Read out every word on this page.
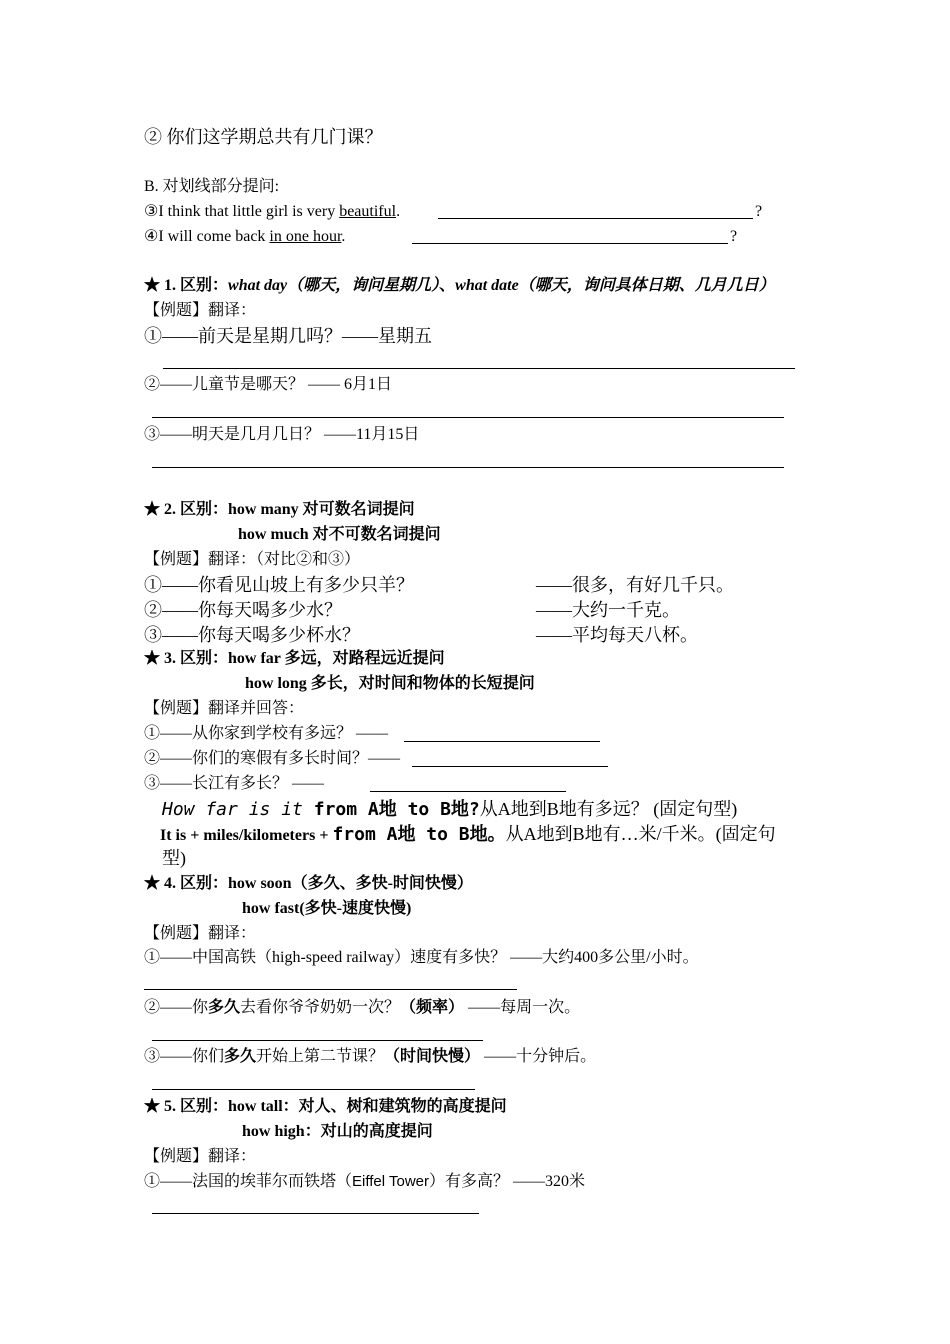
② 你们这学期总共有几门课？
B. 对划线部分提问:
③I think that little girl is very beautiful.	?
④I will come back in one hour.	?
★ 1. 区别：what day（哪天，询问星期几）、what date（哪天，询问具体日期、几月几日）
【例题】翻译：
①——前天是星期几吗？——星期五
②——儿童节是哪天？ —— 6月1日
③——明天是几月几日？ ——11月15日
★ 2. 区别：how many 对可数名词提问
how much 对不可数名词提问
【例题】翻译：（对比②和③）
①——你看见山坡上有多少只羊？	——很多，有好几千只。
②——你每天喝多少水？	——大约一千克。
③——你每天喝多少杯水？	——平均每天八杯。
★ 3. 区别：how far 多远，对路程远近提问
how long 多长，对时间和物体的长短提问
【例题】翻译并回答：
①——从你家到学校有多远？ ——
②——你们的寒假有多长时间？——
③——长江有多长？ ——
How far is it from A地 to B地?从A地到B地有多远？ (固定句型)
It is + miles/kilometers + from A地 to B地。从A地到B地有…米/千米。(固定句
型)
★ 4. 区别：how soon（多久、多快-时间快慢）
how fast(多快-速度快慢)
【例题】翻译：
①——中国高铁（high-speed railway）速度有多快？ ——大约400多公里/小时。
②——你多久去看你爷爷奶奶一次？（频率） ——每周一次。
③——你们多久开始上第二节课？（时间快慢） ——十分钟后。
★ 5. 区别：how tall：对人、树和建筑物的高度提问
how high：对山的高度提问
【例题】翻译：
①——法国的埃菲尔而铁塔（Eiffel Tower）有多高？ ——320米
